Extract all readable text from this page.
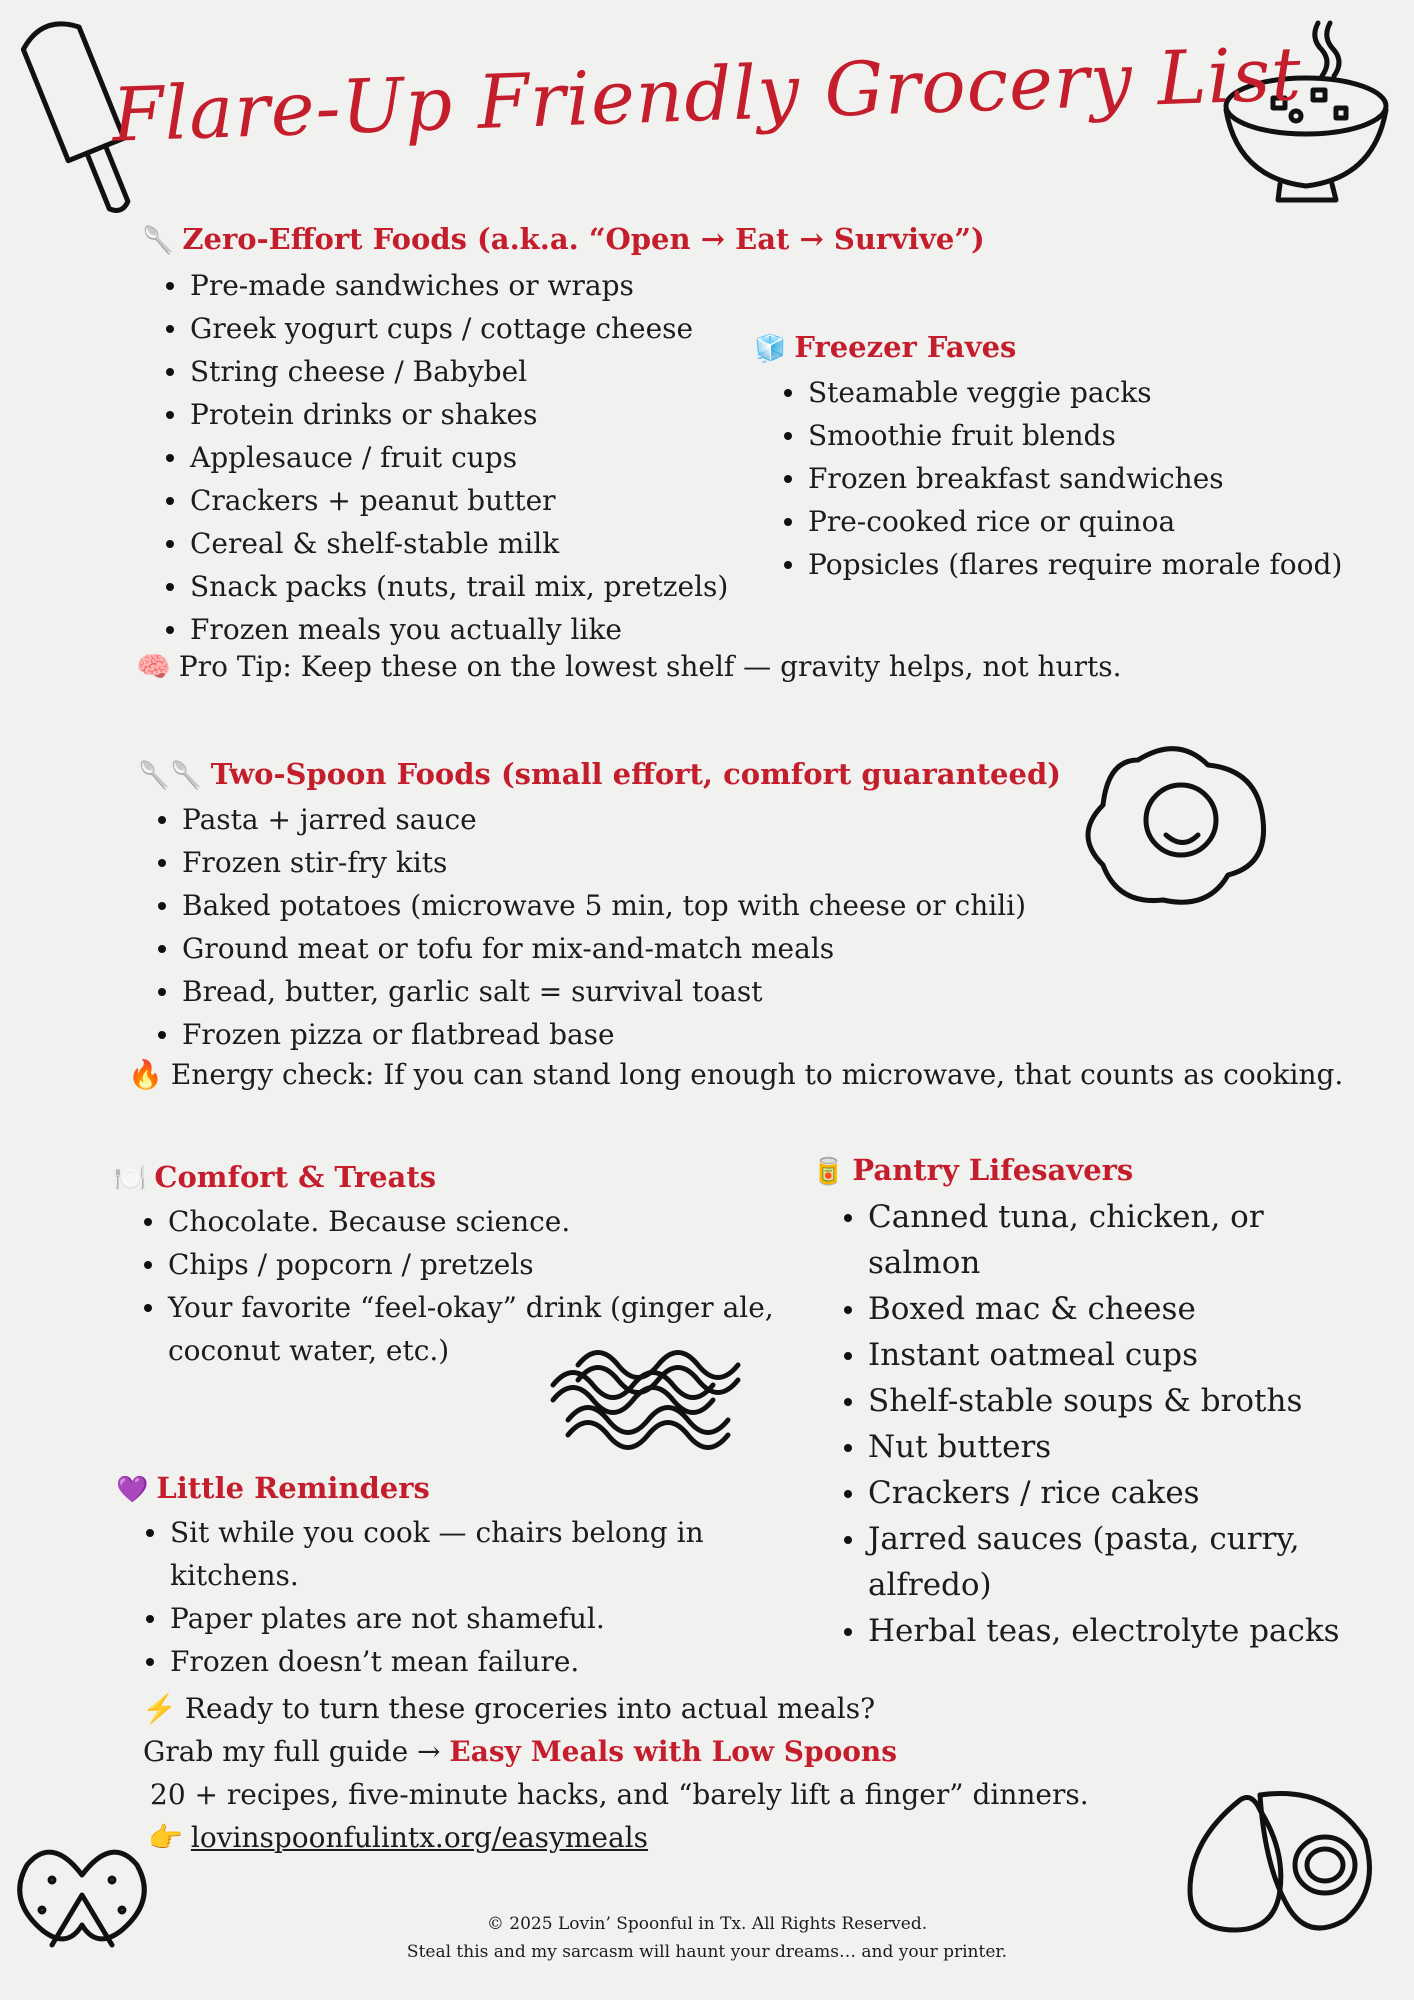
Flare-Up Friendly Grocery List
🥄 Zero-Effort Foods (a.k.a. “Open → Eat → Survive”)
Pre-made sandwiches or wraps
Greek yogurt cups / cottage cheese
String cheese / Babybel
Protein drinks or shakes
Applesauce / fruit cups
Crackers + peanut butter
Cereal & shelf-stable milk
Snack packs (nuts, trail mix, pretzels)
Frozen meals you actually like
🧠 Pro Tip: Keep these on the lowest shelf — gravity helps, not hurts.
🧊 Freezer Faves
Steamable veggie packs
Smoothie fruit blends
Frozen breakfast sandwiches
Pre-cooked rice or quinoa
Popsicles (flares require morale food)
🥄🥄 Two-Spoon Foods (small effort, comfort guaranteed)
Pasta + jarred sauce
Frozen stir-fry kits
Baked potatoes (microwave 5 min, top with cheese or chili)
Ground meat or tofu for mix-and-match meals
Bread, butter, garlic salt = survival toast
Frozen pizza or flatbread base
🔥 Energy check: If you can stand long enough to microwave, that counts as cooking.
🍽️ Comfort & Treats
Chocolate. Because science.
Chips / popcorn / pretzels
Your favorite “feel-okay” drink (ginger ale, coconut water, etc.)
🥫 Pantry Lifesavers
Canned tuna, chicken, or salmon
Boxed mac & cheese
Instant oatmeal cups
Shelf-stable soups & broths
Nut butters
Crackers / rice cakes
Jarred sauces (pasta, curry, alfredo)
Herbal teas, electrolyte packs
💜 Little Reminders
Sit while you cook — chairs belong in kitchens.
Paper plates are not shameful.
Frozen doesn’t mean failure.
⚡ Ready to turn these groceries into actual meals?
Grab my full guide → Easy Meals with Low Spoons
20 + recipes, five-minute hacks, and “barely lift a finger” dinners.
👉 lovinspoonfulintx.org/easymeals
© 2025 Lovin’ Spoonful in Tx. All Rights Reserved.
Steal this and my sarcasm will haunt your dreams… and your printer.
